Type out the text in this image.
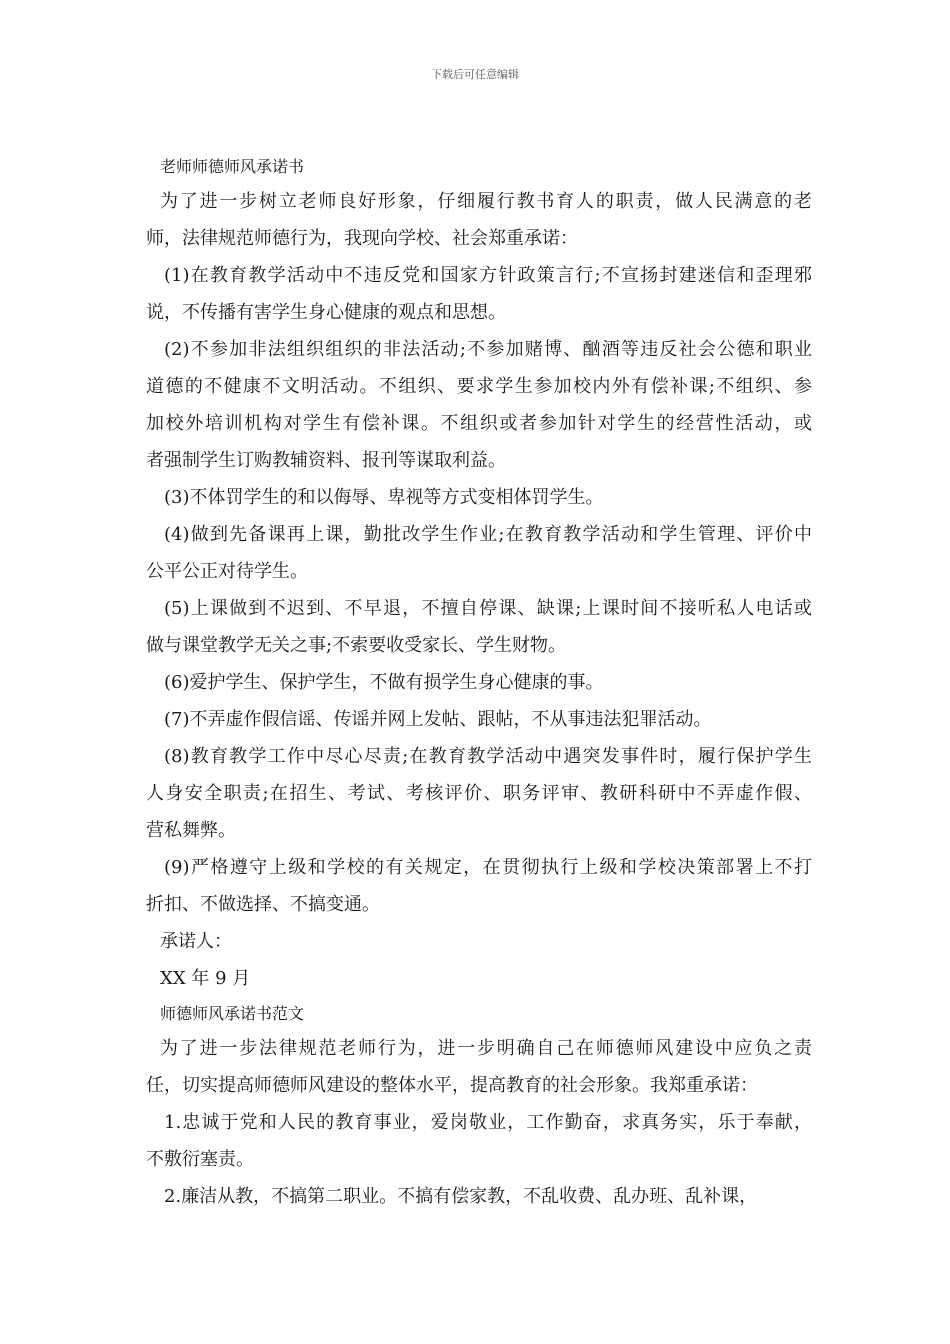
下载后可任意编辑
老师师德师风承诺书
为了进一步树立老师良好形象，仔细履行教书育人的职责，做人民满意的老
师，法律规范师德行为，我现向学校、社会郑重承诺：
(1)在教育教学活动中不违反党和国家方针政策言行;不宣扬封建迷信和歪理邪
说，不传播有害学生身心健康的观点和思想。
(2)不参加非法组织组织的非法活动;不参加赌博、酗酒等违反社会公德和职业
道德的不健康不文明活动。不组织、要求学生参加校内外有偿补课;不组织、参
加校外培训机构对学生有偿补课。不组织或者参加针对学生的经营性活动，或
者强制学生订购教辅资料、报刊等谋取利益。
(3)不体罚学生的和以侮辱、卑视等方式变相体罚学生。
(4)做到先备课再上课，勤批改学生作业;在教育教学活动和学生管理、评价中
公平公正对待学生。
(5)上课做到不迟到、不早退，不擅自停课、缺课;上课时间不接听私人电话或
做与课堂教学无关之事;不索要收受家长、学生财物。
(6)爱护学生、保护学生，不做有损学生身心健康的事。
(7)不弄虚作假信谣、传谣并网上发帖、跟帖，不从事违法犯罪活动。
(8)教育教学工作中尽心尽责;在教育教学活动中遇突发事件时，履行保护学生
人身安全职责;在招生、考试、考核评价、职务评审、教研科研中不弄虚作假、
营私舞弊。
(9)严格遵守上级和学校的有关规定，在贯彻执行上级和学校决策部署上不打
折扣、不做选择、不搞变通。
承诺人：
XX 年 9 月
师德师风承诺书范文
为了进一步法律规范老师行为，进一步明确自己在师德师风建设中应负之责
任，切实提高师德师风建设的整体水平，提高教育的社会形象。我郑重承诺：
1.忠诚于党和人民的教育事业，爱岗敬业，工作勤奋，求真务实，乐于奉献，
不敷衍塞责。
2.廉洁从教，不搞第二职业。不搞有偿家教，不乱收费、乱办班、乱补课，
